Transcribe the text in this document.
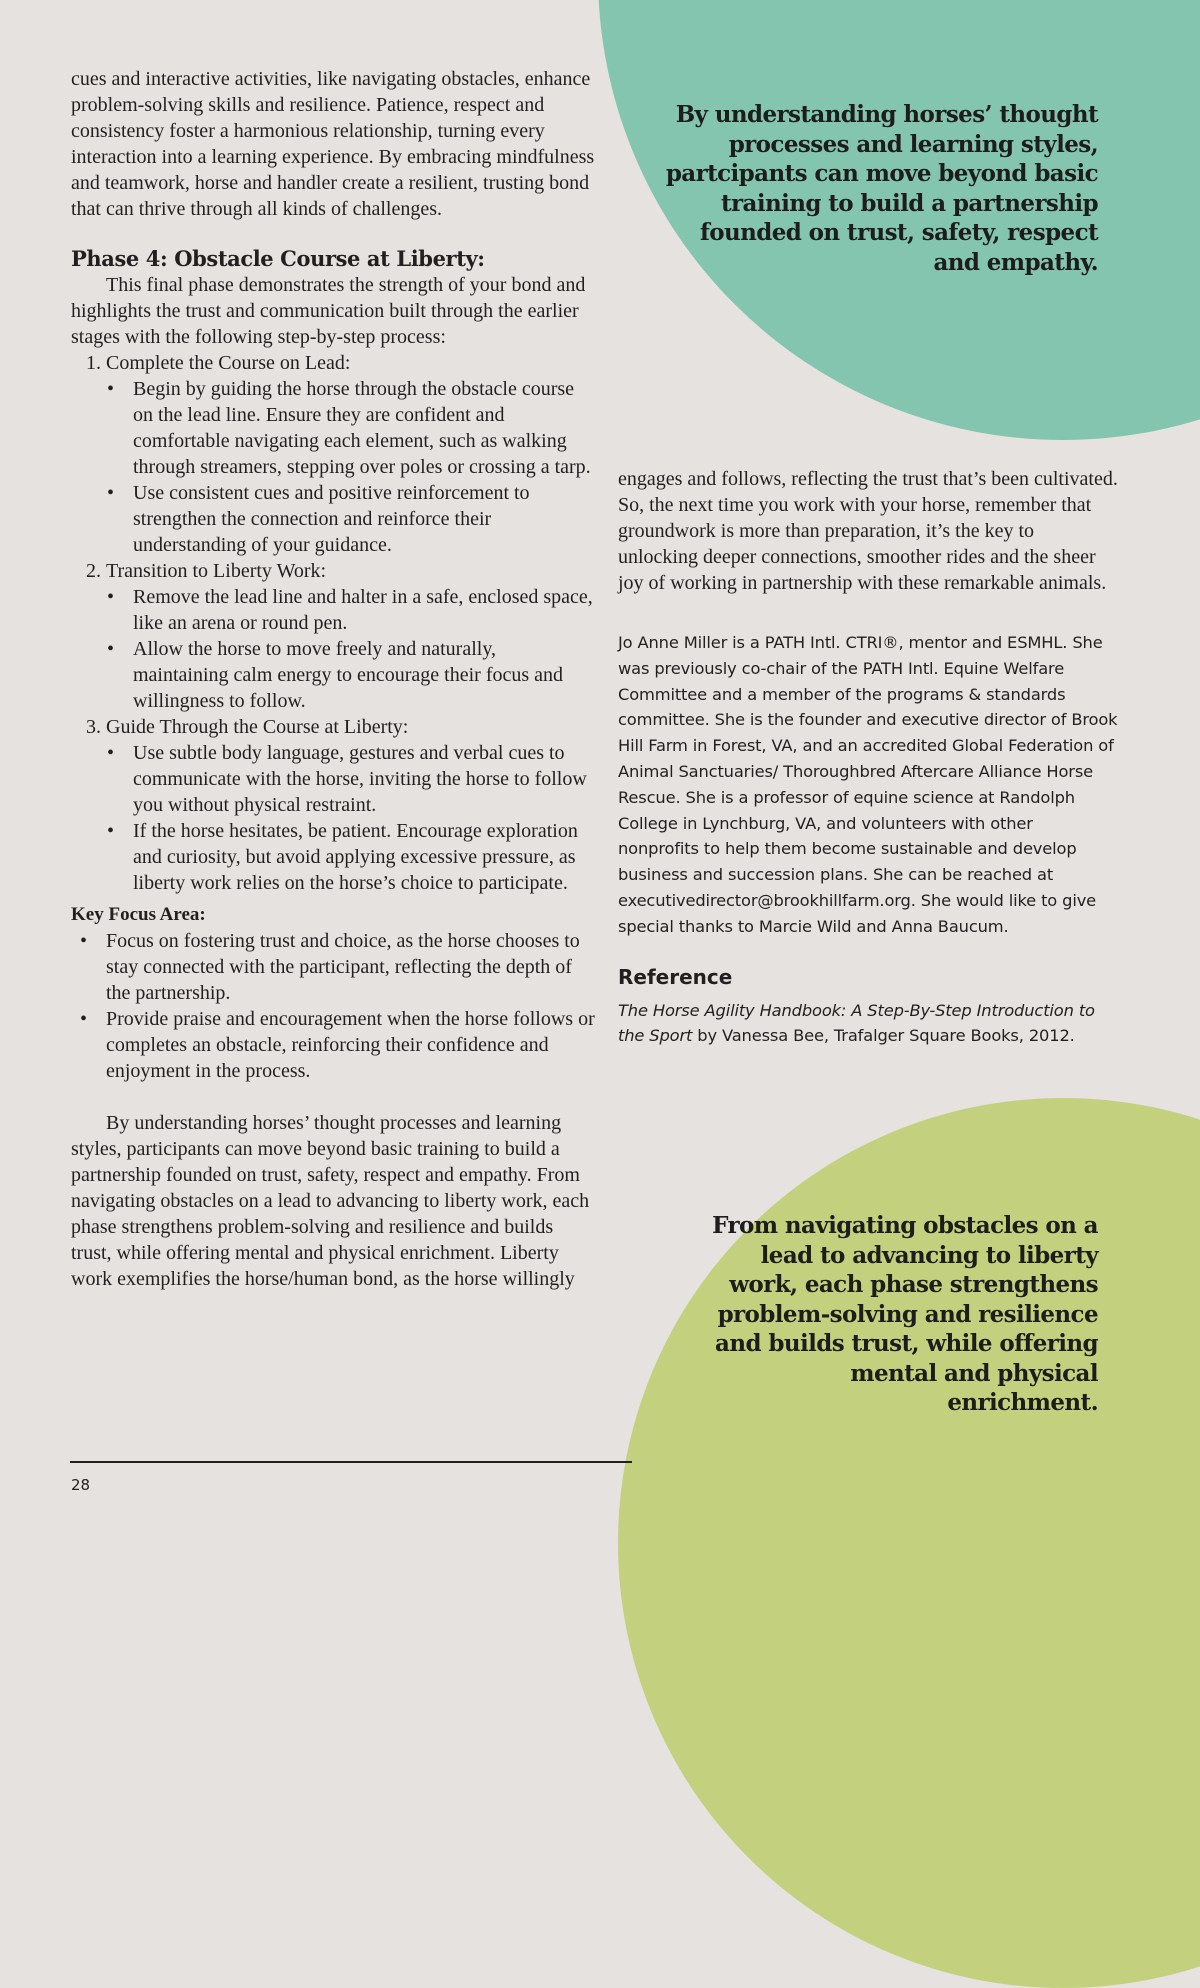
By understanding horses’ thought processes and learning styles, partcipants can move beyond basic training to build a partnership founded on trust, safety, respect and empathy.
From navigating obstacles on a lead to advancing to liberty work, each phase strengthens problem-solving and resilience and builds trust, while offering mental and physical enrichment.

cues and interactive activities, like navigating obstacles, enhance problem-solving skills and resilience. Patience, respect and consistency foster a harmonious relationship, turning every interaction into a learning experience. By embracing mindfulness and teamwork, horse and handler create a resilient, trusting bond that can thrive through all kinds of challenges.

Phase 4: Obstacle Course at Liberty:

This final phase demonstrates the strength of your bond and highlights the trust and communication built through the earlier stages with the following step-by-step process:

1. Complete the Course on Lead:
• Begin by guiding the horse through the obstacle course on the lead line. Ensure they are confident and comfortable navigating each element, such as walking through streamers, stepping over poles or crossing a tarp.
• Use consistent cues and positive reinforcement to strengthen the connection and reinforce their understanding of your guidance.
2. Transition to Liberty Work:
• Remove the lead line and halter in a safe, enclosed space, like an arena or round pen.
• Allow the horse to move freely and naturally, maintaining calm energy to encourage their focus and willingness to follow.
3. Guide Through the Course at Liberty:
• Use subtle body language, gestures and verbal cues to communicate with the horse, inviting the horse to follow you without physical restraint.
• If the horse hesitates, be patient. Encourage exploration and curiosity, but avoid applying excessive pressure, as liberty work relies on the horse’s choice to participate.

Key Focus Area:

• Focus on fostering trust and choice, as the horse chooses to stay connected with the participant, reflecting the depth of the partnership.
• Provide praise and encouragement when the horse follows or completes an obstacle, reinforcing their confidence and enjoyment in the process.

By understanding horses’ thought processes and learning styles, participants can move beyond basic training to build a partnership founded on trust, safety, respect and empathy. From navigating obstacles on a lead to advancing to liberty work, each phase strengthens problem-solving and resilience and builds trust, while offering mental and physical enrichment. Liberty work exemplifies the horse/human bond, as the horse willingly

engages and follows, reflecting the trust that’s been cultivated. So, the next time you work with your horse, remember that groundwork is more than preparation, it’s the key to unlocking deeper connections, smoother rides and the sheer joy of working in partnership with these remarkable animals.

Jo Anne Miller is a PATH Intl. CTRI®, mentor and ESMHL. She was previously co-chair of the PATH Intl. Equine Welfare Committee and a member of the programs & standards committee. She is the founder and executive director of Brook Hill Farm in Forest, VA, and an accredited Global Federation of Animal Sanctuaries/ Thoroughbred Aftercare Alliance Horse Rescue. She is a professor of equine science at Randolph College in Lynchburg, VA, and volunteers with other nonprofits to help them become sustainable and develop business and succession plans. She can be reached at executivedirector@brookhillfarm.org. She would like to give special thanks to Marcie Wild and Anna Baucum.

Reference

The Horse Agility Handbook: A Step-By-Step Introduction to the Sport by Vanessa Bee, Trafalger Square Books, 2012.

28
